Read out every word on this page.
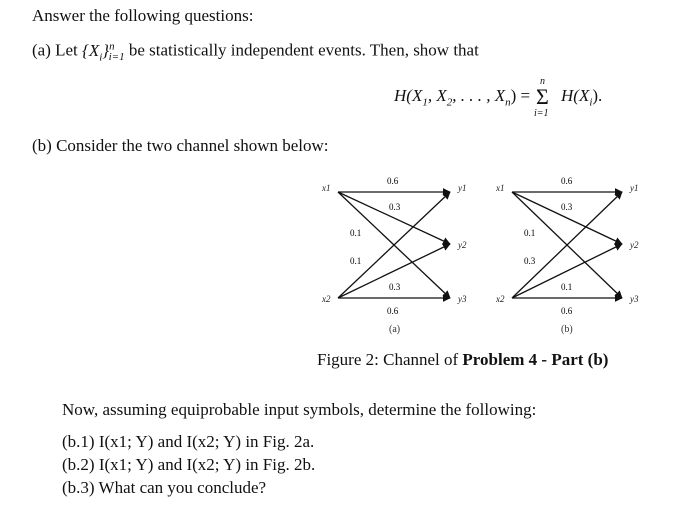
Answer the following questions:
(a) Let $\{X_i\}^n_{i=1}$ be statistically independent events. Then, show that
$H(X_1$, $X_2$, . . . , $X_n$) =
n
Σ
i=1
$H(X_i)$.
(b) Consider the two channel shown below:
x1
x2
y1
y2
y3
0.6
0.3
0.1
0.1
0.3
0.6
(a)
x1
x2
y1
y2
y3
0.6
0.3
0.1
0.3
0.1
0.6
(b)
Figure 2: Channel of Problem 4 - Part (b)
Now, assuming equiprobable input symbols, determine the following:
(b.1) I(x1; Y) and I(x2; Y) in Fig. 2a.
(b.2) I(x1; Y) and I(x2; Y) in Fig. 2b.
(b.3) What can you conclude?
